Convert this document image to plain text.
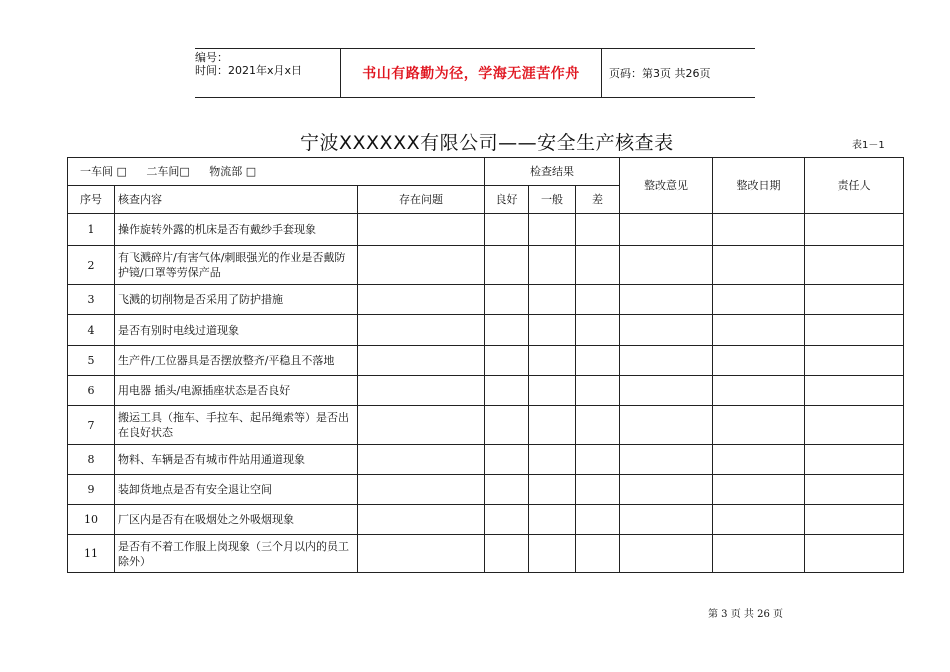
编号：
时间：2021年x月x日	书山有路勤为径，学海无涯苦作舟	页码：第3页 共26页
宁波XXXXXX有限公司——安全生产核查表	表1－1
一车间 □ 二车间□ 物流部 □			检查结果			整改意见	整改日期	责任人
序号	核查内容	存在问题	良好	一般	差			
1	操作旋转外露的机床是否有戴纱手套现象							
2	有飞溅碎片/有害气体/刺眼强光的作业是否戴防护镜/口罩等劳保产品							
3	飞溅的切削物是否采用了防护措施							
4	是否有别时电线过道现象							
5	生产件/工位器具是否摆放整齐/平稳且不落地							
6	用电器 插头/电源插座状态是否良好							
7	搬运工具（拖车、手拉车、起吊绳索等）是否出在良好状态							
8	物料、车辆是否有城市件站用通道现象							
9	装卸货地点是否有安全退让空间							
10	厂区内是否有在吸烟处之外吸烟现象							
11	是否有不着工作服上岗现象（三个月以内的员工除外）							
第 3 页 共 26 页
